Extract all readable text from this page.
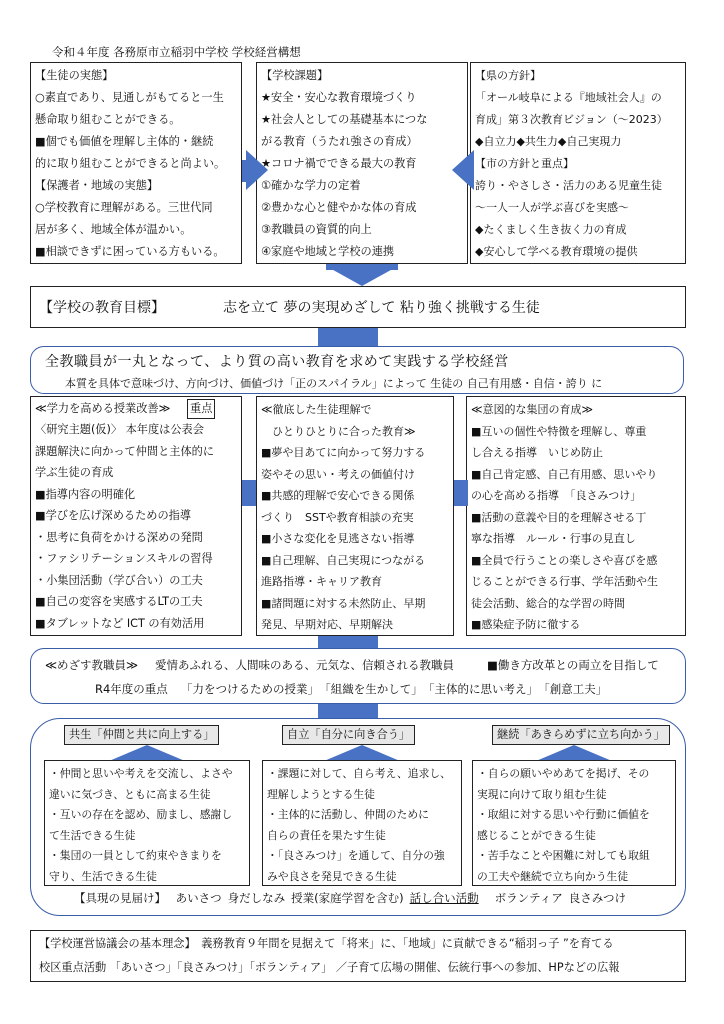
令和４年度 各務原市立稲羽中学校 学校経営構想
【生徒の実態】
○素直であり、見通しがもてると一生
懸命取り組むことができる。
■個でも価値を理解し主体的・継続
的に取り組むことができると尚よい。
【保護者・地域の実態】
○学校教育に理解がある。三世代同
居が多く、地域全体が温かい。
■相談できずに困っている方もいる。
【学校課題】
★安全・安心な教育環境づくり
★社会人としての基礎基本につな
がる教育（うたれ強さの育成）
★コロナ禍でできる最大の教育
①確かな学力の定着
②豊かな心と健やかな体の育成
③教職員の資質的向上
④家庭や地域と学校の連携
【県の方針】
「オール岐阜による『地域社会人』の
育成」第３次教育ビジョン（～2023）
◆自立力◆共生力◆自己実現力
【市の方針と重点】
誇り・やさしさ・活力のある児童生徒
～一人一人が学ぶ喜びを実感～
◆たくましく生き抜く力の育成
◆安心して学べる教育環境の提供
【学校の教育目標】	志を立て 夢の実現めざして 粘り強く挑戦する生徒
全教職員が一丸となって、より質の高い教育を求めて実践する学校経営
本質を具体で意味づけ、方向づけ、価値づけ「正のスパイラル」によって 生徒の 自己有用感・自信・誇り に
≪学力を高める授業改善≫ 重点
〈研究主題(仮)〉 本年度は公表会
課題解決に向かって仲間と主体的に
学ぶ生徒の育成
■指導内容の明確化
■学びを広げ深めるための指導
・思考に負荷をかける深めの発問
・ファシリテーションスキルの習得
・小集団活動（学び合い）の工夫
■自己の変容を実感するLTの工夫
■タブレットなど ICT の有効活用
≪徹底した生徒理解で
　ひとりひとりに合った教育≫
■夢や目あてに向かって努力する
姿やその思い・考えの価値付け
■共感的理解で安心できる関係
づくり　SSTや教育相談の充実
■小さな変化を見逃さない指導
■自己理解、自己実現につながる
進路指導・キャリア教育
■諸問題に対する未然防止、早期
発見、早期対応、早期解決
≪意図的な集団の育成≫
■互いの個性や特徴を理解し、尊重
し合える指導　いじめ防止
■自己肯定感、自己有用感、思いやり
の心を高める指導　「良さみつけ」
■活動の意義や目的を理解させる丁
寧な指導　ルール・行事の見直し
■全員で行うことの楽しさや喜びを感
じることができる行事、学年活動や生
徒会活動、総合的な学習の時間
■感染症予防に徹する
≪めざす教職員≫ 愛情あふれる、人間味のある、元気な、信頼される教職員	■働き方改革との両立を目指して
R4年度の重点 「力をつけるための授業」 「組織を生かして」 「主体的に思い考え」 「創意工夫」
共生「仲間と共に向上する」
・仲間と思いや考えを交流し、よさや
違いに気づき、ともに高まる生徒
・互いの存在を認め、励まし、感謝し
て生活できる生徒
・集団の一員として約束やきまりを
守り、生活できる生徒
自立「自分に向き合う」
・課題に対して、自ら考え、追求し、
理解しようとする生徒
・主体的に活動し、仲間のために
自らの責任を果たす生徒
・「良さみつけ」を通して、自分の強
みや良さを発見できる生徒
継続「あきらめずに立ち向かう」
・自らの願いやめあてを掲げ、その
実現に向けて取り組む生徒
・取組に対する思いや行動に価値を
感じることができる生徒
・苦手なことや困難に対しても取組
の工夫や継続で立ち向かう生徒
【具現の見届け】 あいさつ 身だしなみ 授業(家庭学習を含む) 話し合い活動 ボランティア 良さみつけ
【学校運営協議会の基本理念】　義務教育９年間を見据えて「将来」に、「地域」に貢献できる“稲羽っ子 ”を育てる
校区重点活動 「あいさつ」「良さみつけ」「ボランティア」 ／子育て広場の開催、伝統行事への参加、HPなどの広報
